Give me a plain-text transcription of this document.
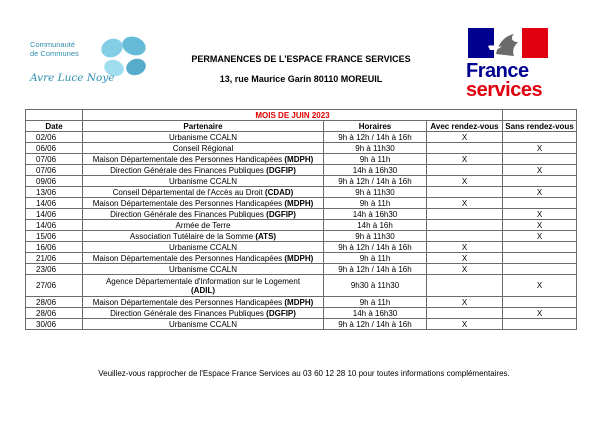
Communauté
de Communes
Avre Luce Noye
PERMANENCES DE L'ESPACE FRANCE SERVICES
13, rue Maurice Garin 80110 MOREUIL	France
services
	MOIS DE JUIN 2023			
Date	Partenaire	Horaires	Avec rendez-vous	Sans rendez-vous
02/06	Urbanisme CCALN	9h à 12h / 14h à 16h	X	
06/06	Conseil Régional	9h à 11h30		X
07/06	Maison Départementale des Personnes Handicapées (MDPH)	9h à 11h	X	
07/06	Direction Générale des Finances Publiques (DGFIP)	14h à 16h30		X
09/06	Urbanisme CCALN	9h à 12h / 14h à 16h	X	
13/06	Conseil Départemental de l'Accès au Droit (CDAD)	9h à 11h30		X
14/06	Maison Départementale des Personnes Handicapées (MDPH)	9h à 11h	X	
14/06	Direction Générale des Finances Publiques (DGFIP)	14h à 16h30		X
14/06	Armée de Terre	14h à 16h		X
15/06	Association Tutélaire de la Somme (ATS)	9h à 11h30		X
16/06	Urbanisme CCALN	9h à 12h / 14h à 16h	X	
21/06	Maison Départementale des Personnes Handicapées (MDPH)	9h à 11h	X	
23/06	Urbanisme CCALN	9h à 12h / 14h à 16h	X	
27/06	Agence Départementale d'Information sur le Logement
(ADIL)	9h30 à 11h30		X
28/06	Maison Départementale des Personnes Handicapées (MDPH)	9h à 11h	X	
28/06	Direction Générale des Finances Publiques (DGFIP)	14h à 16h30		X
30/06	Urbanisme CCALN	9h à 12h / 14h à 16h	X	
Veuillez-vous rapprocher de l'Espace France Services au 03 60 12 28 10 pour toutes informations complémentaires.
